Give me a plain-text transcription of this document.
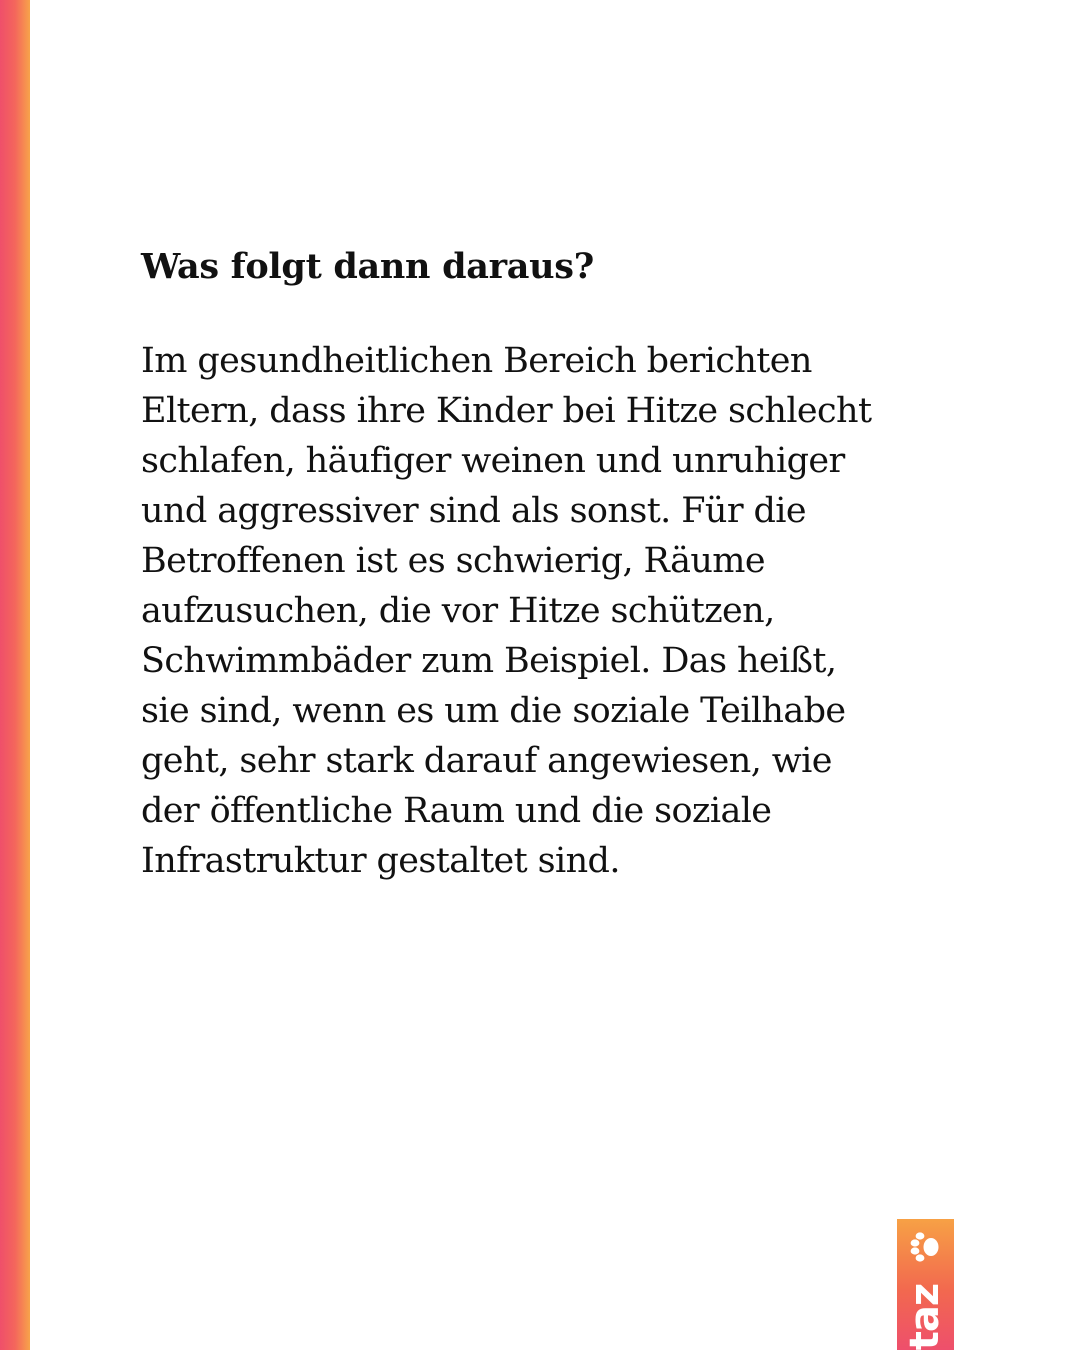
Was folgt dann daraus?

Im gesundheitlichen Bereich berichten
Eltern, dass ihre Kinder bei Hitze schlecht
schlafen, häufiger weinen und unruhiger
und aggressiver sind als sonst. Für die
Betroffenen ist es schwierig, Räume
aufzusuchen, die vor Hitze schützen,
Schwimmbäder zum Beispiel. Das heißt,
sie sind, wenn es um die soziale Teilhabe
geht, sehr stark darauf angewiesen, wie
der öffentliche Raum und die soziale
Infrastruktur gestaltet sind.

taz
